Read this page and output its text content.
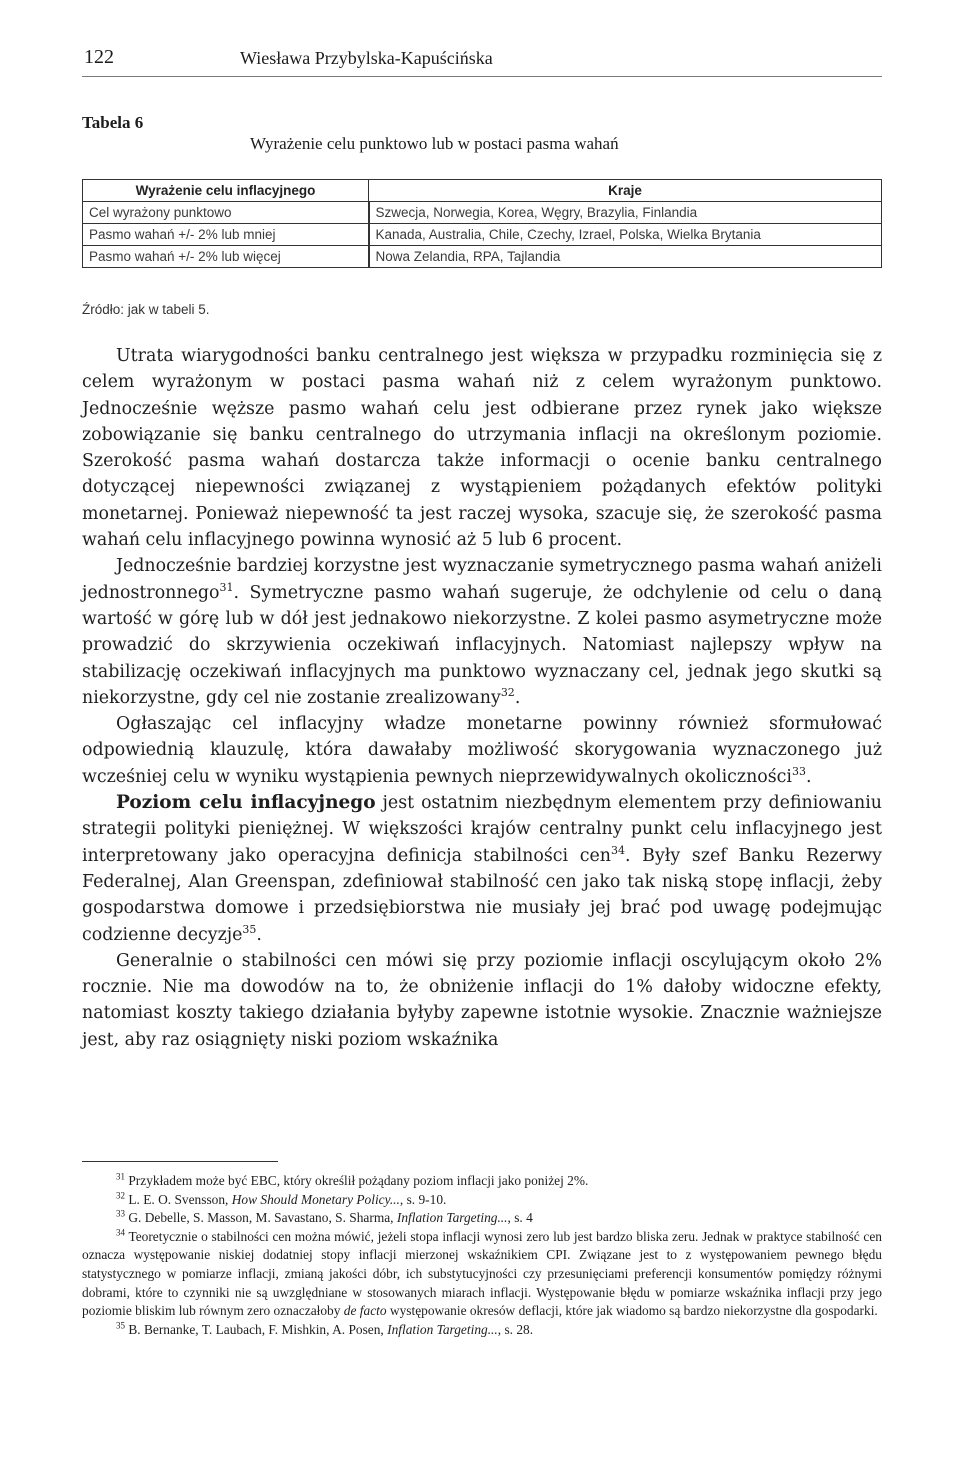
122	Wiesława Przybylska-Kapuścińska
Tabela 6
Wyrażenie celu punktowo lub w postaci pasma wahań
Wyrażenie celu inflacyjnego	Kraje
Cel wyrażony punktowo	Szwecja, Norwegia, Korea, Węgry, Brazylia, Finlandia
Pasmo wahań +/- 2% lub mniej	Kanada, Australia, Chile, Czechy, Izrael, Polska, Wielka Brytania
Pasmo wahań +/- 2% lub więcej	Nowa Zelandia, RPA, Tajlandia
Źródło: jak w tabeli 5.

Utrata wiarygodności banku centralnego jest większa w przypadku rozminięcia się z celem wyrażonym w postaci pasma wahań niż z celem wyrażonym punktowo. Jednocześnie węższe pasmo wahań celu jest odbierane przez rynek jako większe zobowiązanie się banku centralnego do utrzymania inflacji na określonym poziomie. Szerokość pasma wahań dostarcza także informacji o ocenie banku centralnego dotyczącej niepewności związanej z wystąpieniem pożądanych efektów polityki monetarnej. Ponieważ niepewność ta jest raczej wysoka, szacuje się, że szerokość pasma wahań celu inflacyjnego powinna wynosić aż 5 lub 6 procent.

Jednocześnie bardziej korzystne jest wyznaczanie symetrycznego pasma wahań aniżeli jednostronnego$^{31}$. Symetryczne pasmo wahań sugeruje, że odchylenie od celu o daną wartość w górę lub w dół jest jednakowo niekorzystne. Z kolei pasmo asymetryczne może prowadzić do skrzywienia oczekiwań inflacyjnych. Natomiast najlepszy wpływ na stabilizację oczekiwań inflacyjnych ma punktowo wyznaczany cel, jednak jego skutki są niekorzystne, gdy cel nie zostanie zrealizowany$^{32}$.

Ogłaszając cel inflacyjny władze monetarne powinny również sformułować odpowiednią klauzulę, która dawałaby możliwość skorygowania wyznaczonego już wcześniej celu w wyniku wystąpienia pewnych nieprzewidywalnych okoliczności$^{33}$.

Poziom celu inflacyjnego jest ostatnim niezbędnym elementem przy definiowaniu strategii polityki pieniężnej. W większości krajów centralny punkt celu inflacyjnego jest interpretowany jako operacyjna definicja stabilności cen$^{34}$. Były szef Banku Rezerwy Federalnej, Alan Greenspan, zdefiniował stabilność cen jako tak niską stopę inflacji, żeby gospodarstwa domowe i przedsiębiorstwa nie musiały jej brać pod uwagę podejmując codzienne decyzje$^{35}$.

Generalnie o stabilności cen mówi się przy poziomie inflacji oscylującym około 2% rocznie. Nie ma dowodów na to, że obniżenie inflacji do 1% dałoby widoczne efekty, natomiast koszty takiego działania byłyby zapewne istotnie wysokie. Znacznie ważniejsze jest, aby raz osiągnięty niski poziom wskaźnika

$^{31}$ Przykładem może być EBC, który określił pożądany poziom inflacji jako poniżej 2%.

$^{32}$ L. E. O. Svensson, How Should Monetary Policy..., s. 9-10.

$^{33}$ G. Debelle, S. Masson, M. Savastano, S. Sharma, Inflation Targeting..., s. 4

$^{34}$ Teoretycznie o stabilności cen można mówić, jeżeli stopa inflacji wynosi zero lub jest bardzo bliska zeru. Jednak w praktyce stabilność cen oznacza występowanie niskiej dodatniej stopy inflacji mierzonej wskaźnikiem CPI. Związane jest to z występowaniem pewnego błędu statystycznego w pomiarze inflacji, zmianą jakości dóbr, ich substytucyjności czy przesunięciami preferencji konsumentów pomiędzy różnymi dobrami, które to czynniki nie są uwzględniane w stosowanych miarach inflacji. Występowanie błędu w pomiarze wskaźnika inflacji przy jego poziomie bliskim lub równym zero oznaczałoby de facto występowanie okresów deflacji, które jak wiadomo są bardzo niekorzystne dla gospodarki.

$^{35}$ B. Bernanke, T. Laubach, F. Mishkin, A. Posen, Inflation Targeting..., s. 28.
